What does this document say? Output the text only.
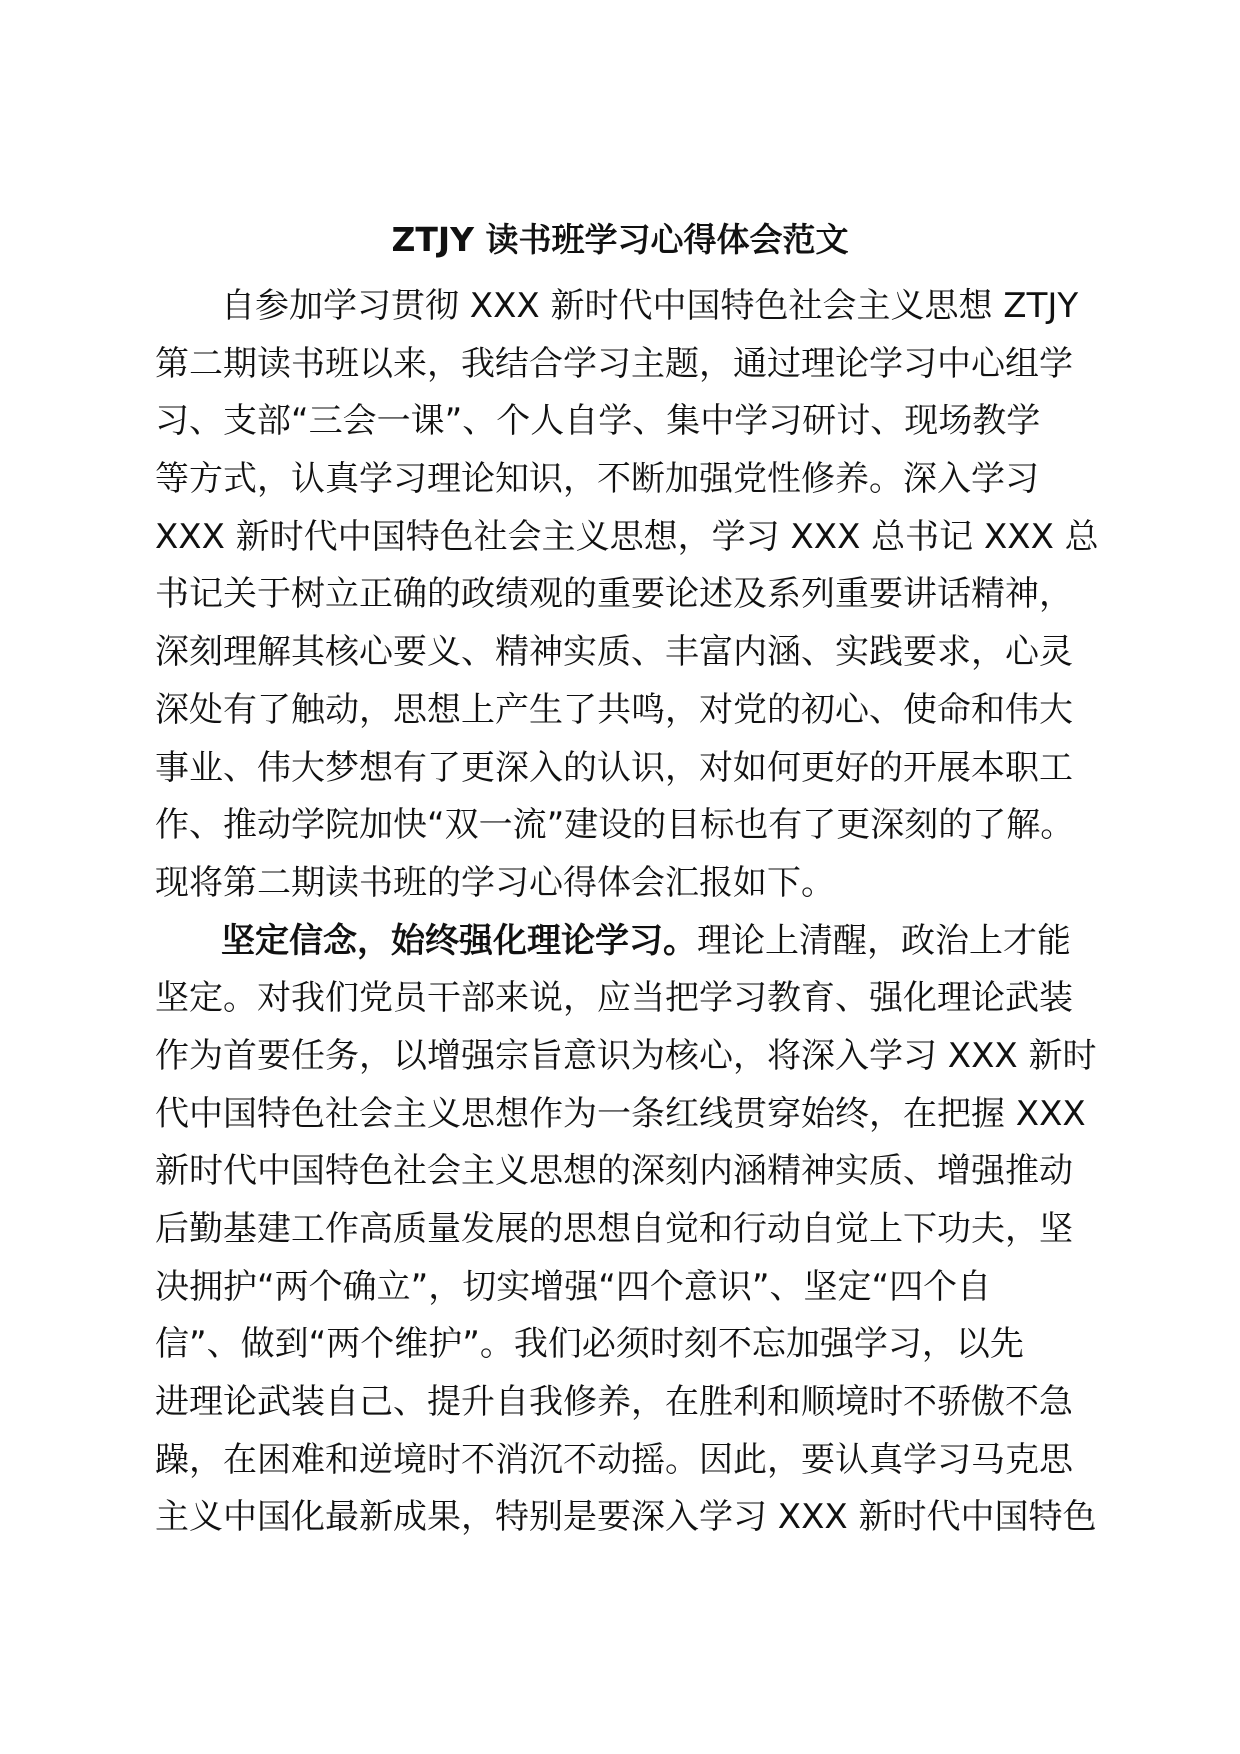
ZTJY 读书班学习心得体会范文
自参加学习贯彻 XXX 新时代中国特色社会主义思想 ZTJY
第二期读书班以来，我结合学习主题，通过理论学习中心组学
习、支部“三会一课”、个人自学、集中学习研讨、现场教学
等方式，认真学习理论知识，不断加强党性修养。深入学习
XXX 新时代中国特色社会主义思想，学习 XXX 总书记 XXX 总
书记关于树立正确的政绩观的重要论述及系列重要讲话精神，
深刻理解其核心要义、精神实质、丰富内涵、实践要求，心灵
深处有了触动，思想上产生了共鸣，对党的初心、使命和伟大
事业、伟大梦想有了更深入的认识，对如何更好的开展本职工
作、推动学院加快“双一流”建设的目标也有了更深刻的了解。
现将第二期读书班的学习心得体会汇报如下。
坚定信念，始终强化理论学习。理论上清醒，政治上才能
坚定。对我们党员干部来说，应当把学习教育、强化理论武装
作为首要任务，以增强宗旨意识为核心，将深入学习 XXX 新时
代中国特色社会主义思想作为一条红线贯穿始终，在把握 XXX
新时代中国特色社会主义思想的深刻内涵精神实质、增强推动
后勤基建工作高质量发展的思想自觉和行动自觉上下功夫，坚
决拥护“两个确立”，切实增强“四个意识”、坚定“四个自
信”、做到“两个维护”。我们必须时刻不忘加强学习，以先
进理论武装自己、提升自我修养，在胜利和顺境时不骄傲不急
躁，在困难和逆境时不消沉不动摇。因此，要认真学习马克思
主义中国化最新成果，特别是要深入学习 XXX 新时代中国特色
